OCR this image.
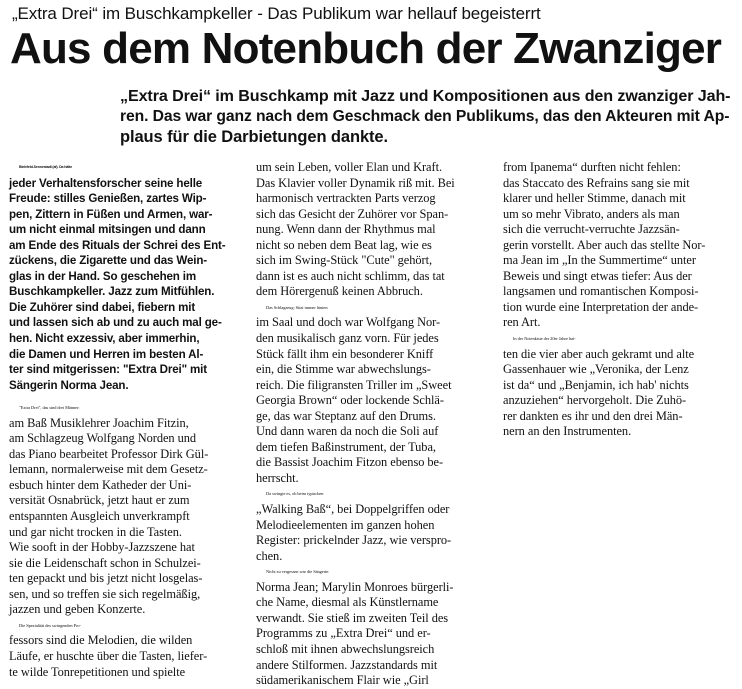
„Extra Drei“ im Buschkampkeller - Das Publikum war hellauf begeisterrt
Aus dem Notenbuch der Zwanziger
„Extra Drei“ im Buschkamp mit Jazz und Kompositionen aus den zwanziger Jah-
ren. Das war ganz nach dem Geschmack den Publikums, das den Akteuren mit Ap-
plaus für die Darbietungen dankte.
Bielefeld-Sennestadt (af). Da hätte
jeder Verhaltensforscher seine helle
Freude: stilles Genießen, zartes Wip-
pen, Zittern in Füßen und Armen, war-
um nicht einmal mitsingen und dann
am Ende des Rituals der Schrei des Ent-
zückens, die Zigarette und das Wein-
glas in der Hand. So geschehen im
Buschkampkeller. Jazz zum Mitfühlen.
Die Zuhörer sind dabei, fiebern mit
und lassen sich ab und zu auch mal ge-
hen. Nicht exzessiv, aber immerhin,
die Damen und Herren im besten Al-
ter sind mitgerissen: "Extra Drei" mit
Sängerin Norma Jean.
"Extra Drei", das sind drei Männer:
am Baß Musiklehrer Joachim Fitzin,
am Schlagzeug Wolfgang Norden und
das Piano bearbeitet Professor Dirk Gül-
lemann, normalerweise mit dem Gesetz-
esbuch hinter dem Katheder der Uni-
versität Osnabrück, jetzt haut er zum
entspannten Ausgleich unverkrampft
und gar nicht trocken in die Tasten.
Wie sooft in der Hobby-Jazzszene hat
sie die Leidenschaft schon in Schulzei-
ten gepackt und bis jetzt nicht losgelas-
sen, und so treffen sie sich regelmäßig,
jazzen und geben Konzerte.
Die Spezialität des swingenden Pro-
fessors sind die Melodien, die wilden
Läufe, er huschte über die Tasten, liefer-
te wilde Tonrepetitionen und spielte
um sein Leben, voller Elan und Kraft.
Das Klavier voller Dynamik riß mit. Bei
harmonisch vertrackten Parts verzog
sich das Gesicht der Zuhörer vor Span-
nung. Wenn dann der Rhythmus mal
nicht so neben dem Beat lag, wie es
sich im Swing-Stück "Cute" gehört,
dann ist es auch nicht schlimm, das tat
dem Hörergenuß keinen Abbruch.
Das Schlagzeug: Sitzt immer hinten
im Saal und doch war Wolfgang Nor-
den musikalisch ganz vorn. Für jedes
Stück fällt ihm ein besonderer Kniff
ein, die Stimme war abwechslungs-
reich. Die filigransten Triller im „Sweet
Georgia Brown“ oder lockende Schlä-
ge, das war Steptanz auf den Drums.
Und dann waren da noch die Soli auf
dem tiefen Baßinstrument, der Tuba,
die Bassist Joachim Fitzon ebenso be-
herrscht.
Da swingte es, ob beim typischen
„Walking Baß“, bei Doppelgriffen oder
Melodieelementen im ganzen hohen
Register: prickelnder Jazz, wie verspro-
chen.
Nicht zu vergessen war die Sängerin
Norma Jean; Marylin Monroes bürgerli-
che Name, diesmal als Künstlername
verwandt. Sie stieß im zweiten Teil des
Programms zu „Extra Drei“ und er-
schloß mit ihnen abwechslungsreich
andere Stilformen. Jazzstandards mit
südamerikanischem Flair wie „Girl
from Ipanema“ durften nicht fehlen:
das Staccato des Refrains sang sie mit
klarer und heller Stimme, danach mit
um so mehr Vibrato, anders als man
sich die verrucht-verruchte Jazzsän-
gerin vorstellt. Aber auch das stellte Nor-
ma Jean im „In the Summertime“ unter
Beweis und singt etwas tiefer: Aus der
langsamen und romantischen Komposi-
tion wurde eine Interpretation der ande-
ren Art.
In der Notenkiste der 20er Jahre hat-
ten die vier aber auch gekramt und alte
Gassenhauer wie „Veronika, der Lenz
ist da“ und „Benjamin, ich hab' nichts
anzuziehen“ hervorgeholt. Die Zuhö-
rer dankten es ihr und den drei Män-
nern an den Instrumenten.
